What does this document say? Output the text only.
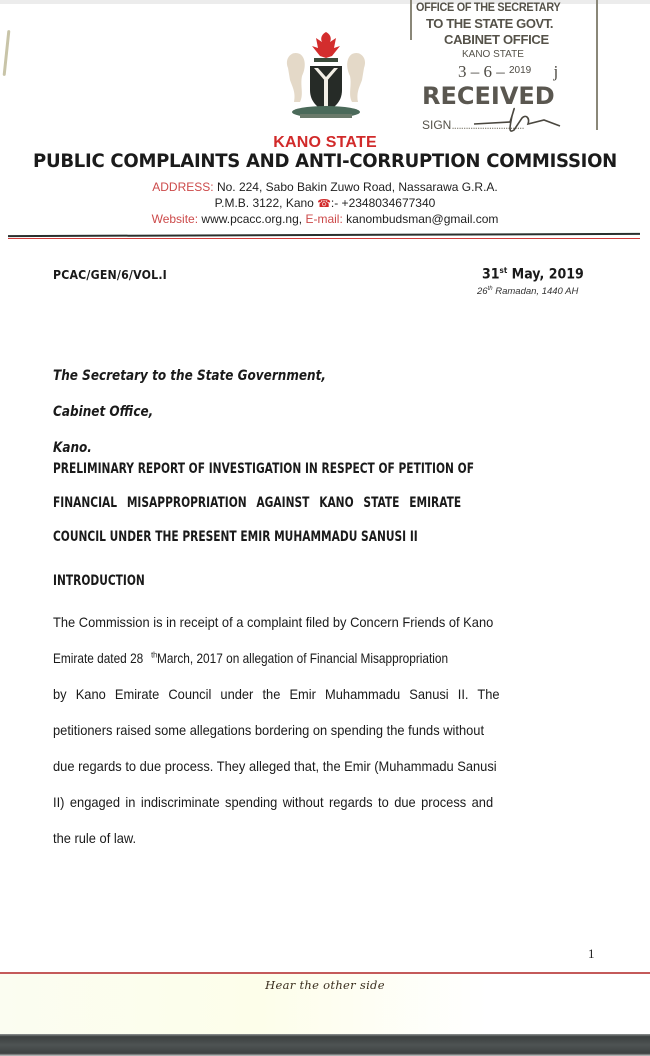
OFFICE OF THE SECRETARY
TO THE STATE GOVT.
CABINET OFFICE
KANO STATE
3 – 6 – $^{2019}$ j
RECEIVED
SIGN...............................
KANO STATE
PUBLIC COMPLAINTS AND ANTI-CORRUPTION COMMISSION
ADDRESS: No. 224, Sabo Bakin Zuwo Road, Nassarawa G.R.A.
P.M.B. 3122, Kano ☎:- +2348034677340
Website: www.pcacc.org.ng, E-mail: kanombudsman@gmail.com
PCAC/GEN/6/VOL.I	31st May, 2019
26th Ramadan, 1440 AH
The Secretary to the State Government,
Cabinet Office,
Kano.
PRELIMINARY REPORT OF INVESTIGATION IN RESPECT OF PETITION OF
FINANCIAL MISAPPROPRIATION AGAINST KANO STATE EMIRATE
COUNCIL UNDER THE PRESENT EMIR MUHAMMADU SANUSI II
INTRODUCTION
The Commission is in receipt of a complaint filed by Concern Friends of Kano
Emirate dated 28 $^{th}$March, 2017 on allegation of Financial Misappropriation
by Kano Emirate Council under the Emir Muhammadu Sanusi II. The
petitioners raised some allegations bordering on spending the funds without
due regards to due process. They alleged that, the Emir (Muhammadu Sanusi
II) engaged in indiscriminate spending without regards to due process and
the rule of law.
1
Hear the other side
